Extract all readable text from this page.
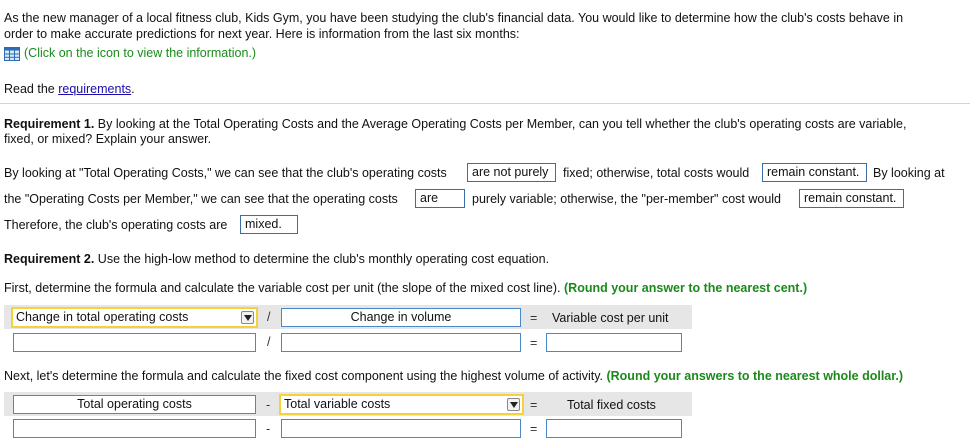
As the new manager of a local fitness club, Kids Gym, you have been studying the club's financial data. You would like to determine how the club's costs behave in
order to make accurate predictions for next year. Here is information from the last six months:
(Click on the icon to view the information.)
Read the requirements.
Requirement 1. By looking at the Total Operating Costs and the Average Operating Costs per Member, can you tell whether the club's operating costs are variable,
fixed, or mixed? Explain your answer.
By looking at "Total Operating Costs," we can see that the club's operating costs	are not purely	fixed; otherwise, total costs would	remain constant.	By looking at
the "Operating Costs per Member," we can see that the operating costs	are	purely variable; otherwise, the "per-member" cost would	remain constant.
Therefore, the club's operating costs are	mixed.
Requirement 2. Use the high-low method to determine the club's monthly operating cost equation.
First, determine the formula and calculate the variable cost per unit (the slope of the mixed cost line). (Round your answer to the nearest cent.)
Change in total operating costs	/	Change in volume	= Variable cost per unit
/	=
Next, let's determine the formula and calculate the fixed cost component using the highest volume of activity. (Round your answers to the nearest whole dollar.)
Total operating costs	-	Total variable costs	= Total fixed costs
-	=
